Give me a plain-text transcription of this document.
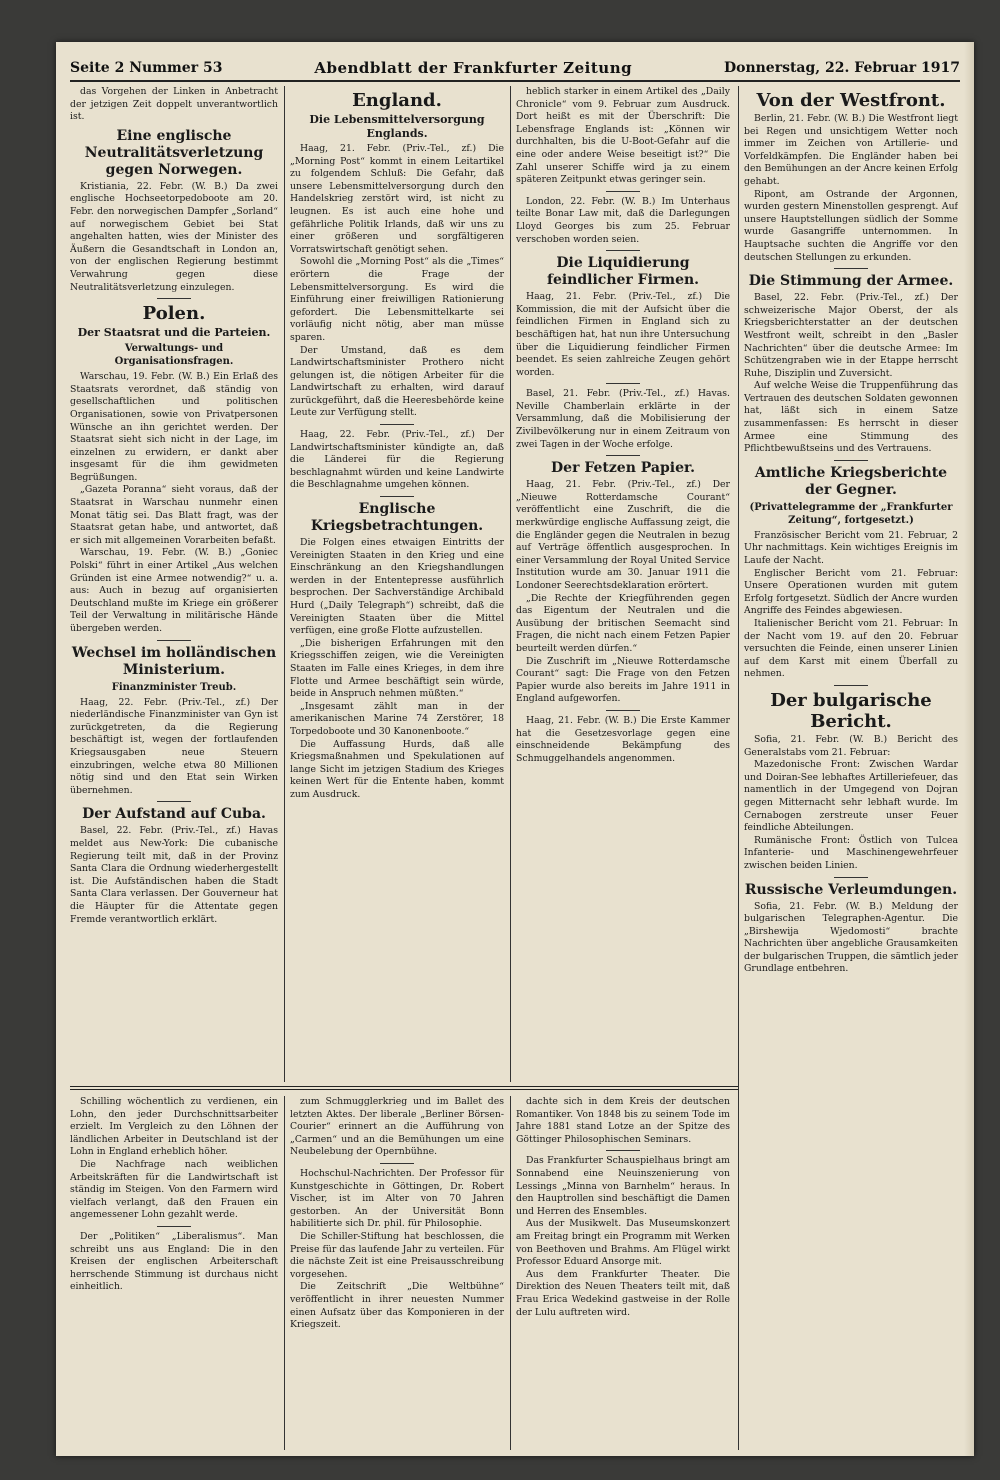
Seite 2 Nummer 53	Abendblatt der Frankfurter Zeitung	Donnerstag, 22. Februar 1917

das Vorgehen der Linken in Anbetracht der jetzigen Zeit doppelt unverantwortlich ist.

Eine englische Neutralitätsverletzung gegen Norwegen.

Kristiania, 22. Febr. (W. B.) Da zwei englische Hochseetorpedoboote am 20. Febr. den norwegischen Dampfer „Sorland“ auf norwegischem Gebiet bei Stat angehalten hatten, wies der Minister des Äußern die Gesandtschaft in London an, von der englischen Regierung bestimmt Verwahrung gegen diese Neutralitätsverletzung einzulegen.

Polen.
Der Staatsrat und die Parteien.
Verwaltungs- und Organisationsfragen.

Warschau, 19. Febr. (W. B.) Ein Erlaß des Staatsrats verordnet, daß ständig von gesellschaftlichen und politischen Organisationen, sowie von Privatpersonen Wünsche an ihn gerichtet werden. Der Staatsrat sieht sich nicht in der Lage, im einzelnen zu erwidern, er dankt aber insgesamt für die ihm gewidmeten Begrüßungen.

„Gazeta Poranna“ sieht voraus, daß der Staatsrat in Warschau nunmehr einen Monat tätig sei. Das Blatt fragt, was der Staatsrat getan habe, und antwortet, daß er sich mit allgemeinen Vorarbeiten befaßt.

Warschau, 19. Febr. (W. B.) „Goniec Polski“ führt in einer Artikel „Aus welchen Gründen ist eine Armee notwendig?“ u. a. aus: Auch in bezug auf organisierten Deutschland mußte im Kriege ein größerer Teil der Verwaltung in militärische Hände übergeben werden.

Wechsel im holländischen Ministerium.
Finanzminister Treub.

Haag, 22. Febr. (Priv.-Tel., zf.) Der niederländische Finanzminister van Gyn ist zurückgetreten, da die Regierung beschäftigt ist, wegen der fortlaufenden Kriegsausgaben neue Steuern einzubringen, welche etwa 80 Millionen nötig sind und den Etat sein Wirken übernehmen.

Der Aufstand auf Cuba.

Basel, 22. Febr. (Priv.-Tel., zf.) Havas meldet aus New-York: Die cubanische Regierung teilt mit, daß in der Provinz Santa Clara die Ordnung wiederhergestellt ist. Die Aufständischen haben die Stadt Santa Clara verlassen. Der Gouverneur hat die Häupter für die Attentate gegen Fremde verantwortlich erklärt.

England.
Die Lebensmittelversorgung Englands.

Haag, 21. Febr. (Priv.-Tel., zf.) Die „Morning Post“ kommt in einem Leitartikel zu folgendem Schluß: Die Gefahr, daß unsere Lebensmittelversorgung durch den Handelskrieg zerstört wird, ist nicht zu leugnen. Es ist auch eine hohe und gefährliche Politik Irlands, daß wir uns zu einer größeren und sorgfältigeren Vorratswirtschaft genötigt sehen.

Sowohl die „Morning Post“ als die „Times“ erörtern die Frage der Lebensmittelversorgung. Es wird die Einführung einer freiwilligen Rationierung gefordert. Die Lebensmittelkarte sei vorläufig nicht nötig, aber man müsse sparen.

Der Umstand, daß es dem Landwirtschaftsminister Prothero nicht gelungen ist, die nötigen Arbeiter für die Landwirtschaft zu erhalten, wird darauf zurückgeführt, daß die Heeresbehörde keine Leute zur Verfügung stellt.

Haag, 22. Febr. (Priv.-Tel., zf.) Der Landwirtschaftsminister kündigte an, daß die Länderei für die Regierung beschlagnahmt würden und keine Landwirte die Beschlagnahme umgehen können.

Englische Kriegsbetrachtungen.

Die Folgen eines etwaigen Eintritts der Vereinigten Staaten in den Krieg und eine Einschränkung an den Kriegshandlungen werden in der Ententepresse ausführlich besprochen. Der Sachverständige Archibald Hurd („Daily Telegraph“) schreibt, daß die Vereinigten Staaten über die Mittel verfügen, eine große Flotte aufzustellen.

„Die bisherigen Erfahrungen mit den Kriegsschiffen zeigen, wie die Vereinigten Staaten im Falle eines Krieges, in dem ihre Flotte und Armee beschäftigt sein würde, beide in Anspruch nehmen müßten.“

„Insgesamt zählt man in der amerikanischen Marine 74 Zerstörer, 18 Torpedoboote und 30 Kanonenboote.“

Die Auffassung Hurds, daß alle Kriegsmaßnahmen und Spekulationen auf lange Sicht im jetzigen Stadium des Krieges keinen Wert für die Entente haben, kommt zum Ausdruck.

heblich starker in einem Artikel des „Daily Chronicle“ vom 9. Februar zum Ausdruck. Dort heißt es mit der Überschrift: Die Lebensfrage Englands ist: „Können wir durchhalten, bis die U-Boot-Gefahr auf die eine oder andere Weise beseitigt ist?“ Die Zahl unserer Schiffe wird ja zu einem späteren Zeitpunkt etwas geringer sein.

London, 22. Febr. (W. B.) Im Unterhaus teilte Bonar Law mit, daß die Darlegungen Lloyd Georges bis zum 25. Februar verschoben worden seien.

Die Liquidierung feindlicher Firmen.

Haag, 21. Febr. (Priv.-Tel., zf.) Die Kommission, die mit der Aufsicht über die feindlichen Firmen in England sich zu beschäftigen hat, hat nun ihre Untersuchung über die Liquidierung feindlicher Firmen beendet. Es seien zahlreiche Zeugen gehört worden.

Basel, 21. Febr. (Priv.-Tel., zf.) Havas. Neville Chamberlain erklärte in der Versammlung, daß die Mobilisierung der Zivilbevölkerung nur in einem Zeitraum von zwei Tagen in der Woche erfolge.

Der Fetzen Papier.

Haag, 21. Febr. (Priv.-Tel., zf.) Der „Nieuwe Rotterdamsche Courant“ veröffentlicht eine Zuschrift, die die merkwürdige englische Auffassung zeigt, die die Engländer gegen die Neutralen in bezug auf Verträge öffentlich ausgesprochen. In einer Versammlung der Royal United Service Institution wurde am 30. Januar 1911 die Londoner Seerechtsdeklaration erörtert.

„Die Rechte der Kriegführenden gegen das Eigentum der Neutralen und die Ausübung der britischen Seemacht sind Fragen, die nicht nach einem Fetzen Papier beurteilt werden dürfen.“

Die Zuschrift im „Nieuwe Rotterdamsche Courant“ sagt: Die Frage von den Fetzen Papier wurde also bereits im Jahre 1911 in England aufgeworfen.

Haag, 21. Febr. (W. B.) Die Erste Kammer hat die Gesetzesvorlage gegen eine einschneidende Bekämpfung des Schmuggelhandels angenommen.

Von der Westfront.

Berlin, 21. Febr. (W. B.) Die Westfront liegt bei Regen und unsichtigem Wetter noch immer im Zeichen von Artillerie- und Vorfeldkämpfen. Die Engländer haben bei den Bemühungen an der Ancre keinen Erfolg gehabt.

Ripont, am Ostrande der Argonnen, wurden gestern Minenstollen gesprengt. Auf unsere Hauptstellungen südlich der Somme wurde Gasangriffe unternommen. In Hauptsache suchten die Angriffe vor den deutschen Stellungen zu erkunden.

Die Stimmung der Armee.

Basel, 22. Febr. (Priv.-Tel., zf.) Der schweizerische Major Oberst, der als Kriegsberichterstatter an der deutschen Westfront weilt, schreibt in den „Basler Nachrichten“ über die deutsche Armee: Im Schützengraben wie in der Etappe herrscht Ruhe, Disziplin und Zuversicht.

Auf welche Weise die Truppenführung das Vertrauen des deutschen Soldaten gewonnen hat, läßt sich in einem Satze zusammenfassen: Es herrscht in dieser Armee eine Stimmung des Pflichtbewußtseins und des Vertrauens.

Amtliche Kriegsberichte der Gegner.
(Privattelegramme der „Frankfurter Zeitung“, fortgesetzt.)

Französischer Bericht vom 21. Februar, 2 Uhr nachmittags. Kein wichtiges Ereignis im Laufe der Nacht.

Englischer Bericht vom 21. Februar: Unsere Operationen wurden mit gutem Erfolg fortgesetzt. Südlich der Ancre wurden Angriffe des Feindes abgewiesen.

Italienischer Bericht vom 21. Februar: In der Nacht vom 19. auf den 20. Februar versuchten die Feinde, einen unserer Linien auf dem Karst mit einem Überfall zu nehmen.

Der bulgarische Bericht.

Sofia, 21. Febr. (W. B.) Bericht des Generalstabs vom 21. Februar:

Mazedonische Front: Zwischen Wardar und Doiran-See lebhaftes Artilleriefeuer, das namentlich in der Umgegend von Dojran gegen Mitternacht sehr lebhaft wurde. Im Cernabogen zerstreute unser Feuer feindliche Abteilungen.

Rumänische Front: Östlich von Tulcea Infanterie- und Maschinengewehrfeuer zwischen beiden Linien.

Russische Verleumdungen.

Sofia, 21. Febr. (W. B.) Meldung der bulgarischen Telegraphen-Agentur. Die „Birshewija Wjedomosti“ brachte Nachrichten über angebliche Grausamkeiten der bulgarischen Truppen, die sämtlich jeder Grundlage entbehren.

Schilling wöchentlich zu verdienen, ein Lohn, den jeder Durchschnittsarbeiter erzielt. Im Vergleich zu den Löhnen der ländlichen Arbeiter in Deutschland ist der Lohn in England erheblich höher.

Die Nachfrage nach weiblichen Arbeitskräften für die Landwirtschaft ist ständig im Steigen. Von den Farmern wird vielfach verlangt, daß den Frauen ein angemessener Lohn gezahlt werde.

Der „Politiken“ „Liberalismus“. Man schreibt uns aus England: Die in den Kreisen der englischen Arbeiterschaft herrschende Stimmung ist durchaus nicht einheitlich.

zum Schmugglerkrieg und im Ballet des letzten Aktes. Der liberale „Berliner Börsen-Courier“ erinnert an die Aufführung von „Carmen“ und an die Bemühungen um eine Neubelebung der Opernbühne.

Hochschul-Nachrichten. Der Professor für Kunstgeschichte in Göttingen, Dr. Robert Vischer, ist im Alter von 70 Jahren gestorben. An der Universität Bonn habilitierte sich Dr. phil. für Philosophie.

Die Schiller-Stiftung hat beschlossen, die Preise für das laufende Jahr zu verteilen. Für die nächste Zeit ist eine Preisausschreibung vorgesehen.

Die Zeitschrift „Die Weltbühne“ veröffentlicht in ihrer neuesten Nummer einen Aufsatz über das Komponieren in der Kriegszeit.

dachte sich in dem Kreis der deutschen Romantiker. Von 1848 bis zu seinem Tode im Jahre 1881 stand Lotze an der Spitze des Göttinger Philosophischen Seminars.

Das Frankfurter Schauspielhaus bringt am Sonnabend eine Neuinszenierung von Lessings „Minna von Barnhelm“ heraus. In den Hauptrollen sind beschäftigt die Damen und Herren des Ensembles.

Aus der Musikwelt. Das Museumskonzert am Freitag bringt ein Programm mit Werken von Beethoven und Brahms. Am Flügel wirkt Professor Eduard Ansorge mit.

Aus dem Frankfurter Theater. Die Direktion des Neuen Theaters teilt mit, daß Frau Erica Wedekind gastweise in der Rolle der Lulu auftreten wird.
